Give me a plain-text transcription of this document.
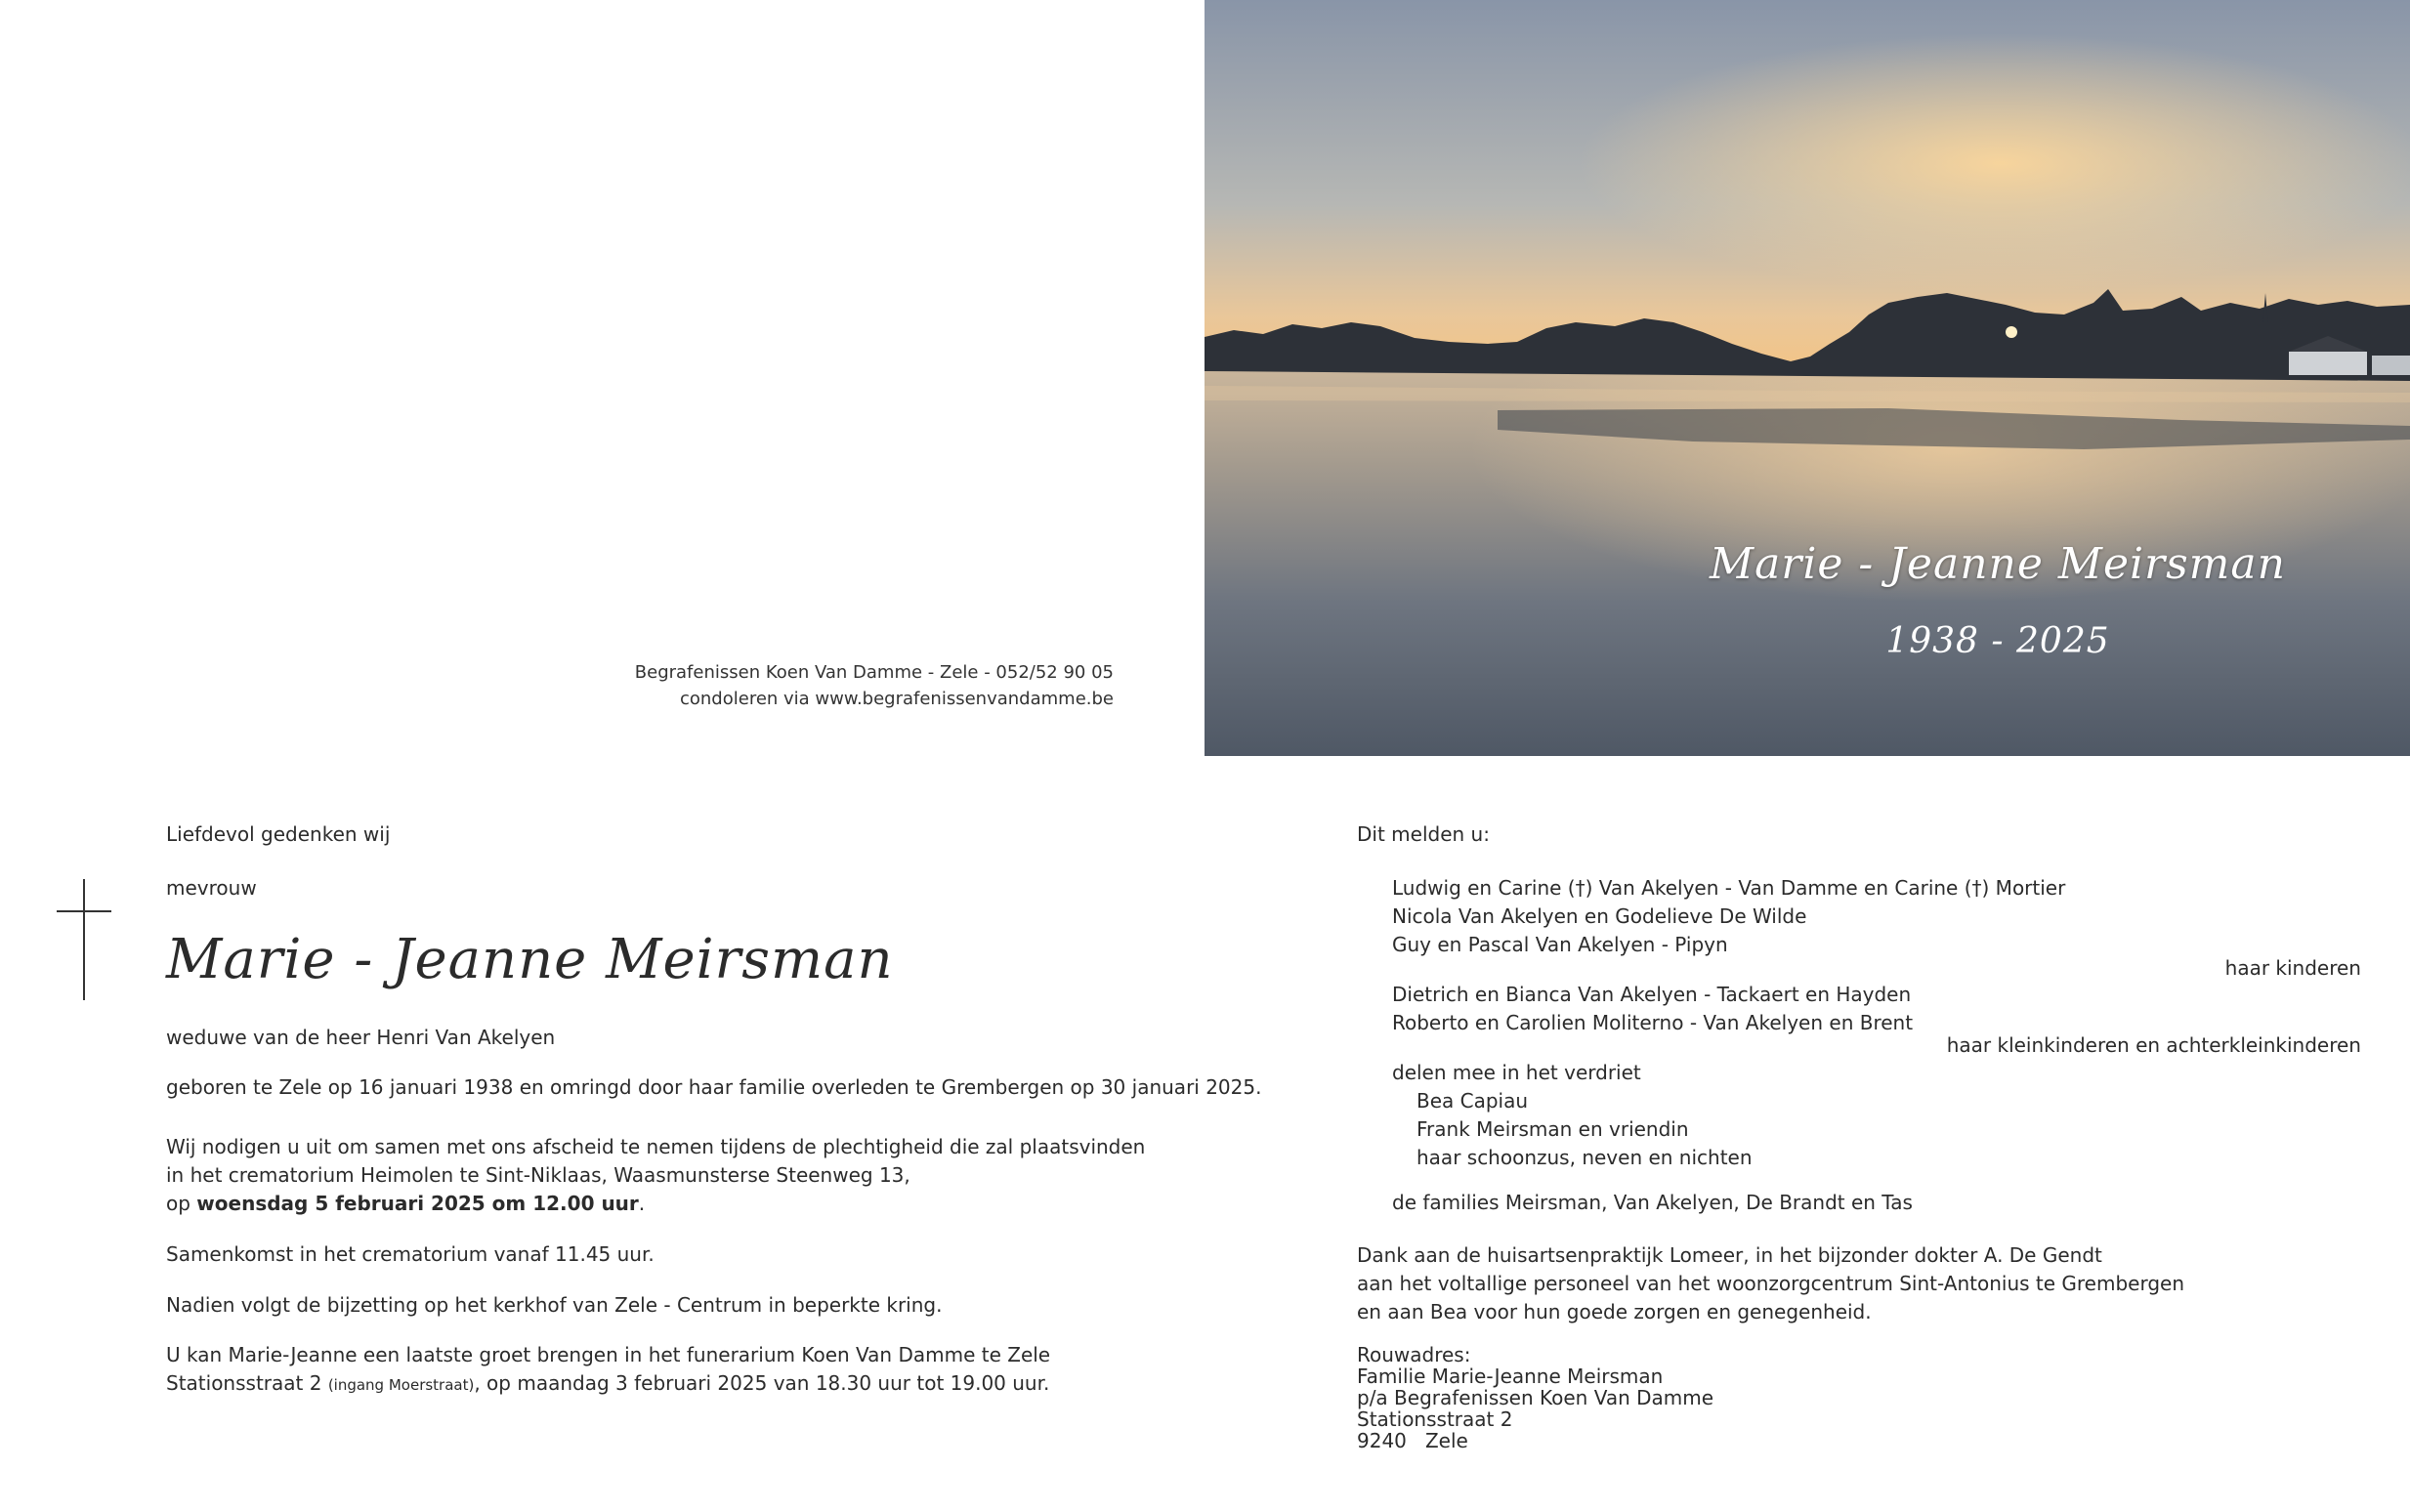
Marie - Jeanne Meirsman
1938 - 2025
Begrafenissen Koen Van Damme - Zele - 052/52 90 05
condoleren via www.begrafenissenvandamme.be
Liefdevol gedenken wij
mevrouw
Marie - Jeanne Meirsman
weduwe van de heer Henri Van Akelyen
geboren te Zele op 16 januari 1938 en omringd door haar familie overleden te Grembergen op 30 januari 2025.
Wij nodigen u uit om samen met ons afscheid te nemen tijdens de plechtigheid die zal plaatsvinden
in het crematorium Heimolen te Sint-Niklaas, Waasmunsterse Steenweg 13,
op woensdag 5 februari 2025 om 12.00 uur.
Samenkomst in het crematorium vanaf 11.45 uur.
Nadien volgt de bijzetting op het kerkhof van Zele - Centrum in beperkte kring.
U kan Marie-Jeanne een laatste groet brengen in het funerarium Koen Van Damme te Zele
Stationsstraat 2 (ingang Moerstraat), op maandag 3 februari 2025 van 18.30 uur tot 19.00 uur.
Dit melden u:
Ludwig en Carine (†) Van Akelyen - Van Damme en Carine (†) Mortier
Nicola Van Akelyen en Godelieve De Wilde
Guy en Pascal Van Akelyen - Pipyn
haar kinderen
Dietrich en Bianca Van Akelyen - Tackaert en Hayden
Roberto en Carolien Moliterno - Van Akelyen en Brent
haar kleinkinderen en achterkleinkinderen
delen mee in het verdriet
Bea Capiau
Frank Meirsman en vriendin
haar schoonzus, neven en nichten
de families Meirsman, Van Akelyen, De Brandt en Tas
Dank aan de huisartsenpraktijk Lomeer, in het bijzonder dokter A. De Gendt
aan het voltallige personeel van het woonzorgcentrum Sint-Antonius te Grembergen
en aan Bea voor hun goede zorgen en genegenheid.
Rouwadres:
Familie Marie-Jeanne Meirsman
p/a Begrafenissen Koen Van Damme
Stationsstraat 2
9240   Zele
